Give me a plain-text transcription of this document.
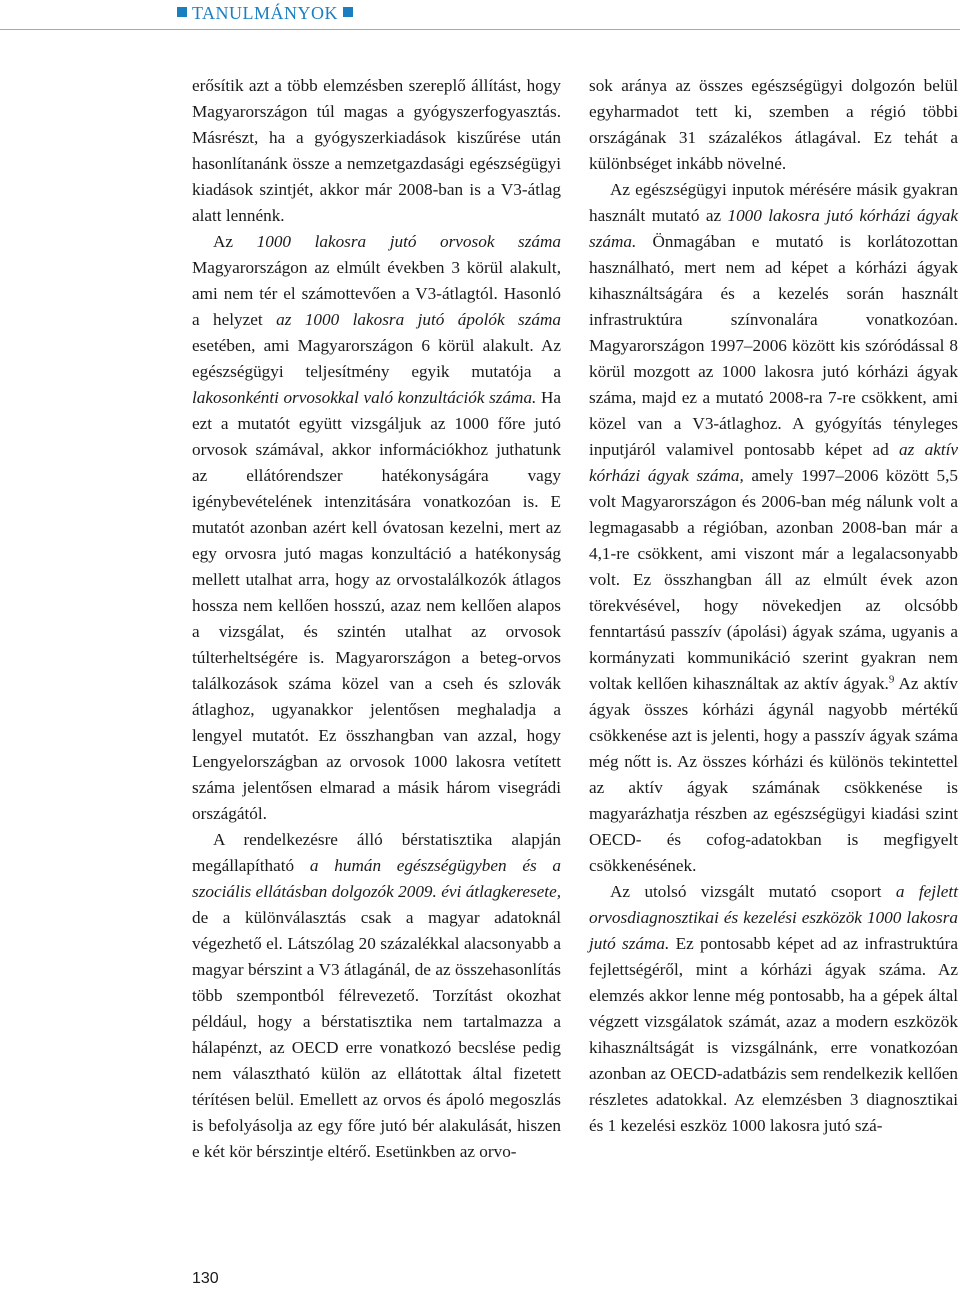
TANULMÁNYOK

erősítik azt a több elemzésben szereplő állítást, hogy Magyarországon túl magas a gyógyszerfogyasztás. Másrészt, ha a gyógyszerkiadások kiszűrése után hasonlítanánk össze a nemzetgazdasági egészségügyi kiadások szintjét, akkor már 2008-ban is a V3-átlag alatt lennénk.

Az 1000 lakosra jutó orvosok száma Magyarországon az elmúlt években 3 körül alakult, ami nem tér el számottevően a V3-átlagtól. Hasonló a helyzet az 1000 lakosra jutó ápolók száma esetében, ami Magyarországon 6 körül alakult. Az egészségügyi teljesítmény egyik mutatója a lakosonkénti orvosokkal való konzultációk száma. Ha ezt a mutatót együtt vizsgáljuk az 1000 főre jutó orvosok számával, akkor információkhoz juthatunk az ellátórendszer hatékonyságára vagy igénybevételének intenzitására vonatkozóan is. E mutatót azonban azért kell óvatosan kezelni, mert az egy orvosra jutó magas konzultáció a hatékonyság mellett utalhat arra, hogy az orvostalálkozók átlagos hossza nem kellően hosszú, azaz nem kellően alapos a vizsgálat, és szintén utalhat az orvosok túlterheltségére is. Magyarországon a beteg-orvos találkozások száma közel van a cseh és szlovák átlaghoz, ugyanakkor jelentősen meghaladja a lengyel mutatót. Ez összhangban van azzal, hogy Lengyelországban az orvosok 1000 lakosra vetített száma jelentősen elmarad a másik három visegrádi országától.

A rendelkezésre álló bérstatisztika alapján megállapítható a humán egészségügyben és a szociális ellátásban dolgozók 2009. évi átlagkeresete, de a különválasztás csak a magyar adatoknál végezhető el. Látszólag 20 százalékkal alacsonyabb a magyar bérszint a V3 átlagánál, de az összehasonlítás több szempontból félrevezető. Torzítást okozhat például, hogy a bérstatisztika nem tartalmazza a hálapénzt, az OECD erre vonatkozó becslése pedig nem választható külön az ellátottak által fizetett térítésen belül. Emellett az orvos és ápoló megoszlás is befolyásolja az egy főre jutó bér alakulását, hiszen e két kör bérszintje eltérő. Esetünkben az orvo-

sok aránya az összes egészségügyi dolgozón belül egyharmadot tett ki, szemben a régió többi országának 31 százalékos átlagával. Ez tehát a különbséget inkább növelné.

Az egészségügyi inputok mérésére másik gyakran használt mutató az 1000 lakosra jutó kórházi ágyak száma. Önmagában e mutató is korlátozottan használható, mert nem ad képet a kórházi ágyak kihasználtságára és a kezelés során használt infrastruktúra színvonalára vonatkozóan. Magyarországon 1997–2006 között kis szóródással 8 körül mozgott az 1000 lakosra jutó kórházi ágyak száma, majd ez a mutató 2008-ra 7-re csökkent, ami közel van a V3-átlaghoz. A gyógyítás tényleges inputjáról valamivel pontosabb képet ad az aktív kórházi ágyak száma, amely 1997–2006 között 5,5 volt Magyarországon és 2006-ban még nálunk volt a legmagasabb a régióban, azonban 2008-ban már a 4,1-re csökkent, ami viszont már a legalacsonyabb volt. Ez összhangban áll az elmúlt évek azon törekvésével, hogy növekedjen az olcsóbb fenntartású passzív (ápolási) ágyak száma, ugyanis a kormányzati kommunikáció szerint gyakran nem voltak kellően kihasználtak az aktív ágyak.$^9$ Az aktív ágyak összes kórházi ágynál nagyobb mértékű csökkenése azt is jelenti, hogy a passzív ágyak száma még nőtt is. Az összes kórházi és különös tekintettel az aktív ágyak számának csökkenése is magyarázhatja részben az egészségügyi kiadási szint OECD- és cofog-adatokban is megfigyelt csökkenésének.

Az utolsó vizsgált mutató csoport a fejlett orvosdiagnosztikai és kezelési eszközök 1000 lakosra jutó száma. Ez pontosabb képet ad az infrastruktúra fejlettségéről, mint a kórházi ágyak száma. Az elemzés akkor lenne még pontosabb, ha a gépek által végzett vizsgálatok számát, azaz a modern eszközök kihasználtságát is vizsgálnánk, erre vonatkozóan azonban az OECD-adatbázis sem rendelkezik kellően részletes adatokkal. Az elemzésben 3 diagnosztikai és 1 kezelési eszköz 1000 lakosra jutó szá-

130
